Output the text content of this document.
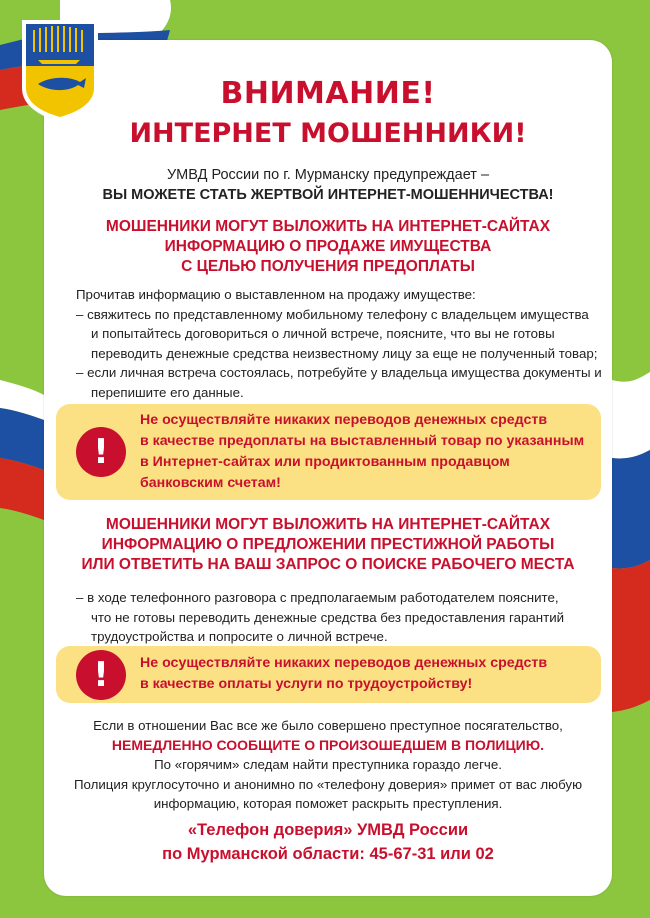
ВНИМАНИЕ!
ИНТЕРНЕТ МОШЕННИКИ!
УМВД России по г. Мурманску предупреждает –
ВЫ МОЖЕТЕ СТАТЬ ЖЕРТВОЙ ИНТЕРНЕТ-МОШЕННИЧЕСТВА!
МОШЕННИКИ МОГУТ ВЫЛОЖИТЬ НА ИНТЕРНЕТ-САЙТАХ
ИНФОРМАЦИЮ О ПРОДАЖЕ ИМУЩЕСТВА
С ЦЕЛЬЮ ПОЛУЧЕНИЯ ПРЕДОПЛАТЫ
Прочитав информацию о выставленном на продажу имуществе:
– свяжитесь по представленному мобильному телефону с владельцем имущества
и попытайтесь договориться о личной встрече, поясните, что вы не готовы
переводить денежные средства неизвестному лицу за еще не полученный товар;
– если личная встреча состоялась, потребуйте у владельца имущества документы и
перепишите его данные.
!
Не осуществляйте никаких переводов денежных средств
в качестве предоплаты на выставленный товар по указанным
в Интернет-сайтах или продиктованным продавцом
банковским счетам!
МОШЕННИКИ МОГУТ ВЫЛОЖИТЬ НА ИНТЕРНЕТ-САЙТАХ
ИНФОРМАЦИЮ О ПРЕДЛОЖЕНИИ ПРЕСТИЖНОЙ РАБОТЫ
ИЛИ ОТВЕТИТЬ НА ВАШ ЗАПРОС О ПОИСКЕ РАБОЧЕГО МЕСТА
– в ходе телефонного разговора с предполагаемым работодателем поясните,
что не готовы переводить денежные средства без предоставления гарантий
трудоустройства и попросите о личной встрече.
!	Не осуществляйте никаких переводов денежных средств
в качестве оплаты услуги по трудоустройству!
Если в отношении Вас все же было совершено преступное посягательство,
НЕМЕДЛЕННО СООБЩИТЕ О ПРОИЗОШЕДШЕМ В ПОЛИЦИЮ.
По «горячим» следам найти преступника гораздо легче.
Полиция круглосуточно и анонимно по «телефону доверия» примет от вас любую
информацию, которая поможет раскрыть преступления.
«Телефон доверия» УМВД России
по Мурманской области: 45-67-31 или 02
